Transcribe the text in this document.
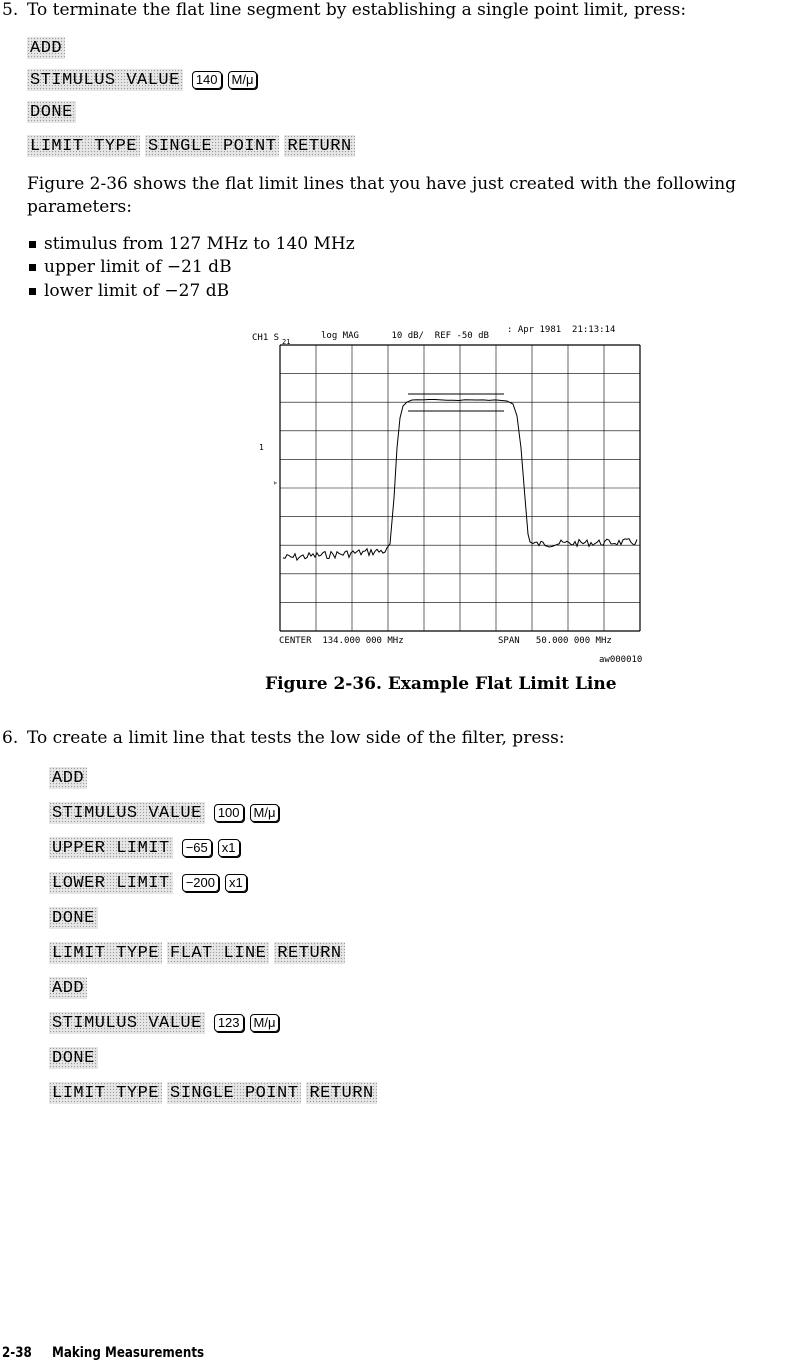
5. To terminate the flat line segment by establishing a single point limit, press:
ADD
STIMULUS VALUE 140 M/μ
DONE
LIMIT TYPE SINGLE POINT RETURN
Figure 2-36 shows the flat limit lines that you have just created with the following
parameters:
stimulus from 127 MHz to 140 MHz
upper limit of −21 dB
lower limit of −27 dB
CH1 S 21
log MAG      10 dB/  REF -50 dB
: Apr 1981  21:13:14
1
▹
CENTER  134.000 000 MHz	SPAN   50.000 000 MHz
aw000010
Figure 2-36. Example Flat Limit Line
6. To create a limit line that tests the low side of the filter, press:
ADD
STIMULUS VALUE 100 M/μ
UPPER LIMIT −65 x1
LOWER LIMIT −200 x1
DONE
LIMIT TYPE FLAT LINE RETURN
ADD
STIMULUS VALUE 123 M/μ
DONE
LIMIT TYPE SINGLE POINT RETURN
2-38 Making Measurements
